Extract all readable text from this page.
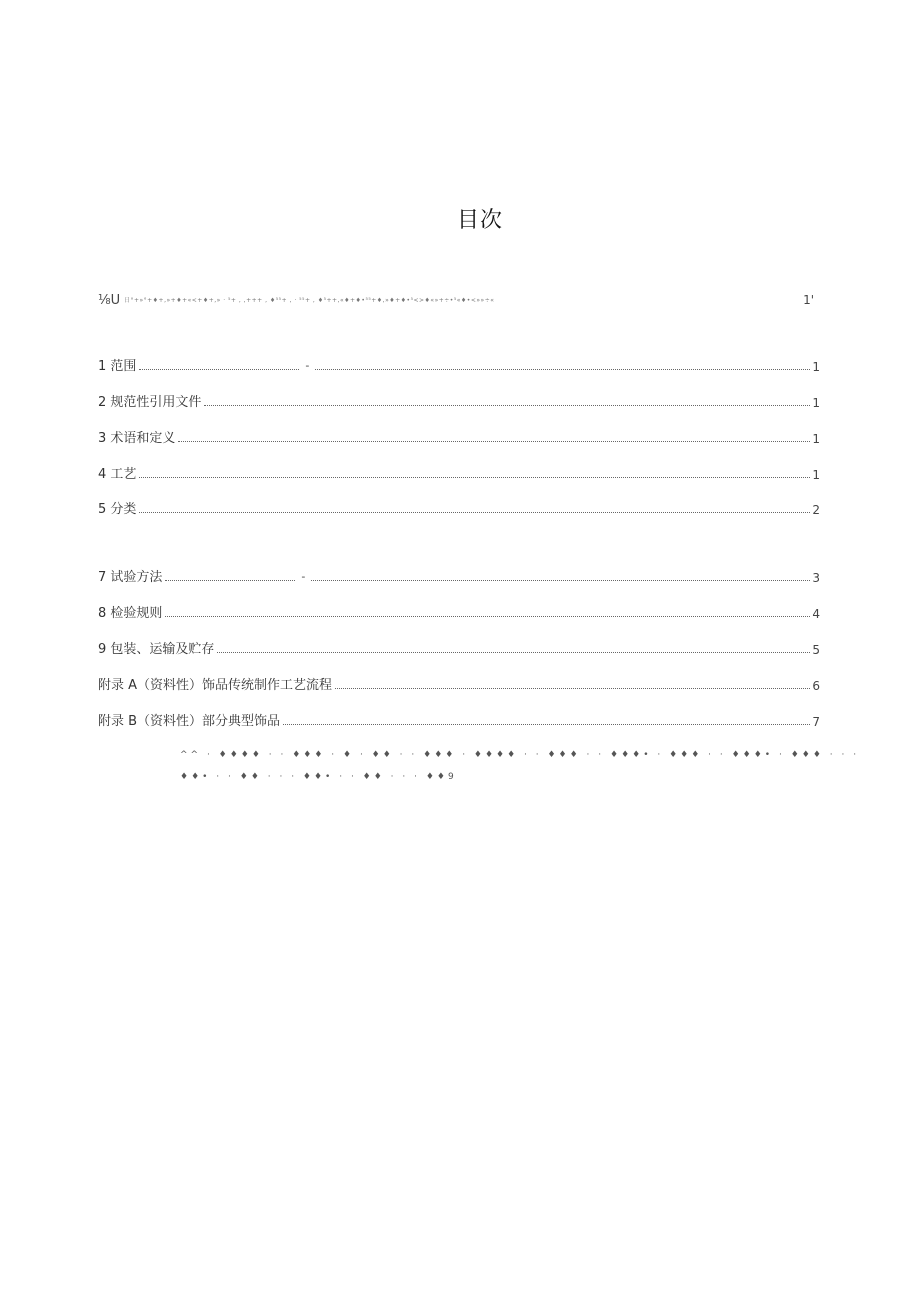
目次
⅛U 日°+»°+♦+,»+♦+«<+♦+,» · ⁵+ , ,+++ , ♦⁵⁵+ , · ⁵⁵+ , ♦⁵++,«♦+♦•⁵⁵+♦,»♦+♦•⁵<>♦«»+÷•⁵«♦•<»»÷«	1'
1 范围	-	1
2 规范性引用文件	1
3 术语和定义	1
4 工艺	1
5 分类	2
7 试验方法	-	3
8 检验规则	4
9 包装、运输及贮存	5
附录 A（资料性）饰品传统制作工艺流程	6
附录 B（资料性）部分典型饰品	7
^^ · ♦♦♦♦ · · ♦♦♦ · ♦ · ♦♦ · · ♦♦♦ · ♦♦♦♦ · · ♦♦♦ · · ♦♦♦• · ♦♦♦ · · ♦♦♦• · ♦♦♦ · · · ♦♦• · · ♦♦ · · · ♦♦• · · ♦♦ · · · ♦♦9
